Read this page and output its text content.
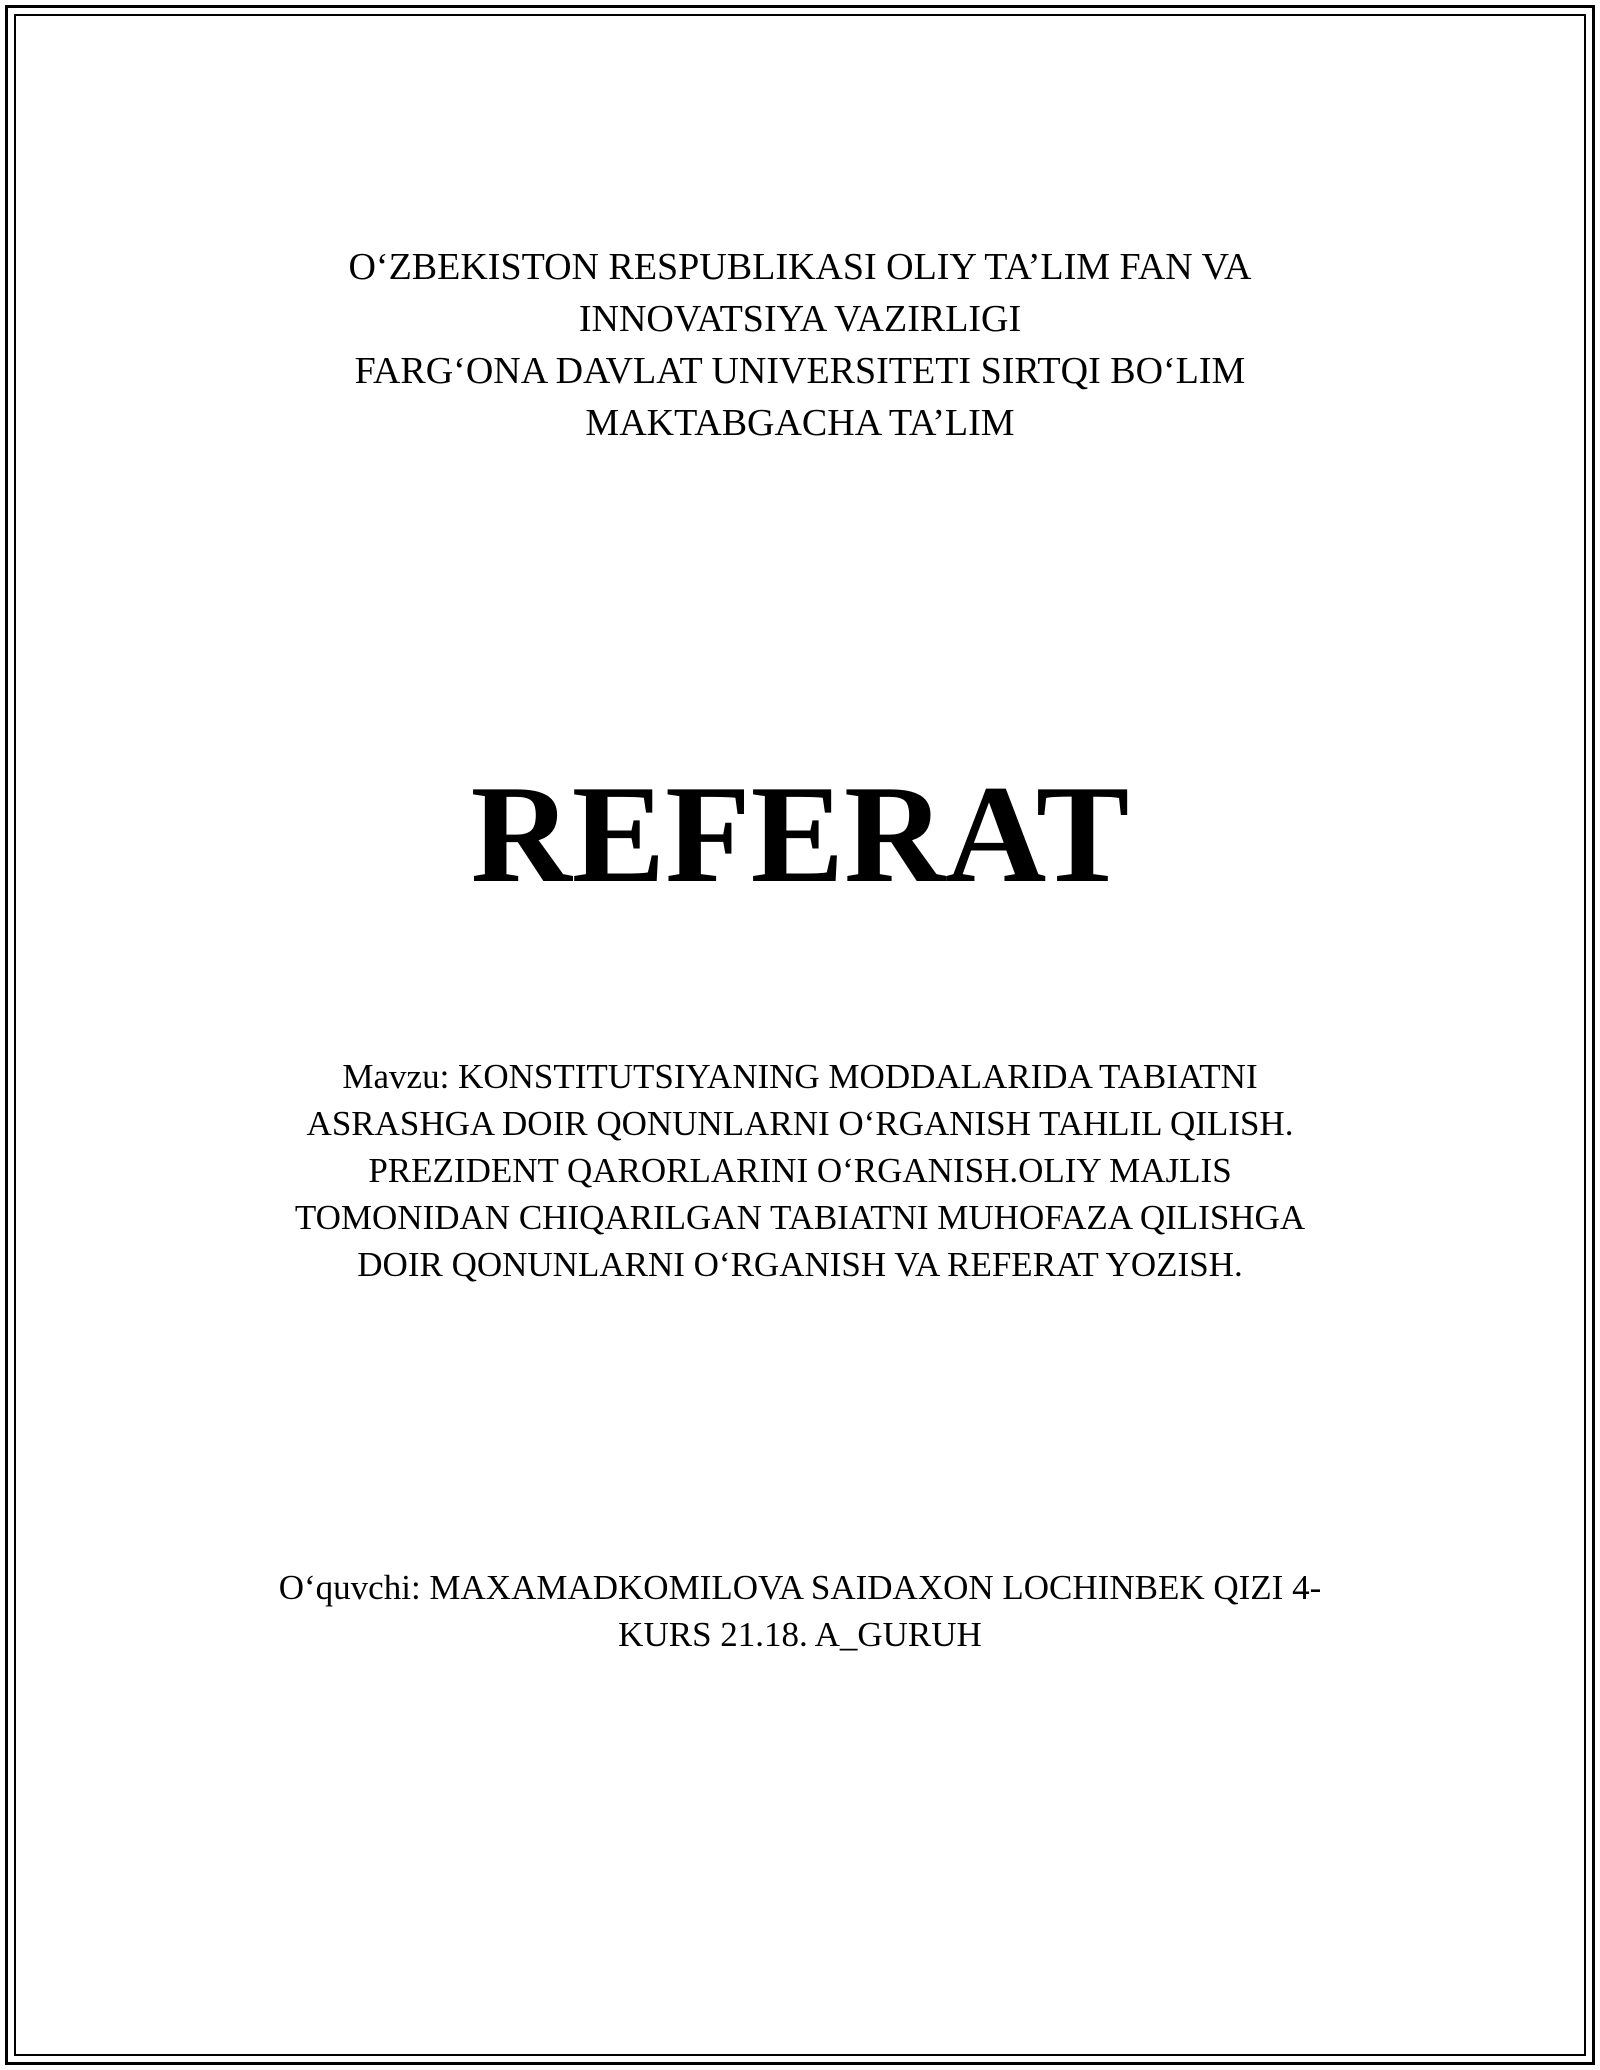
O‘ZBEKISTON RESPUBLIKASI OLIY TA’LIM FAN VA
INNOVATSIYA VAZIRLIGI
FARG‘ONA DAVLAT UNIVERSITETI SIRTQI BO‘LIM
MAKTABGACHA TA’LIM
REFERAT
Mavzu: KONSTITUTSIYANING MODDALARIDA TABIATNI
ASRASHGA DOIR QONUNLARNI O‘RGANISH TAHLIL QILISH.
PREZIDENT QARORLARINI O‘RGANISH.OLIY MAJLIS
TOMONIDAN CHIQARILGAN TABIATNI MUHOFAZA QILISHGA
DOIR QONUNLARNI O‘RGANISH VA REFERAT YOZISH.
O‘quvchi: MAXAMADKOMILOVA SAIDAXON LOCHINBEK QIZI 4-
KURS 21.18. A_GURUH
